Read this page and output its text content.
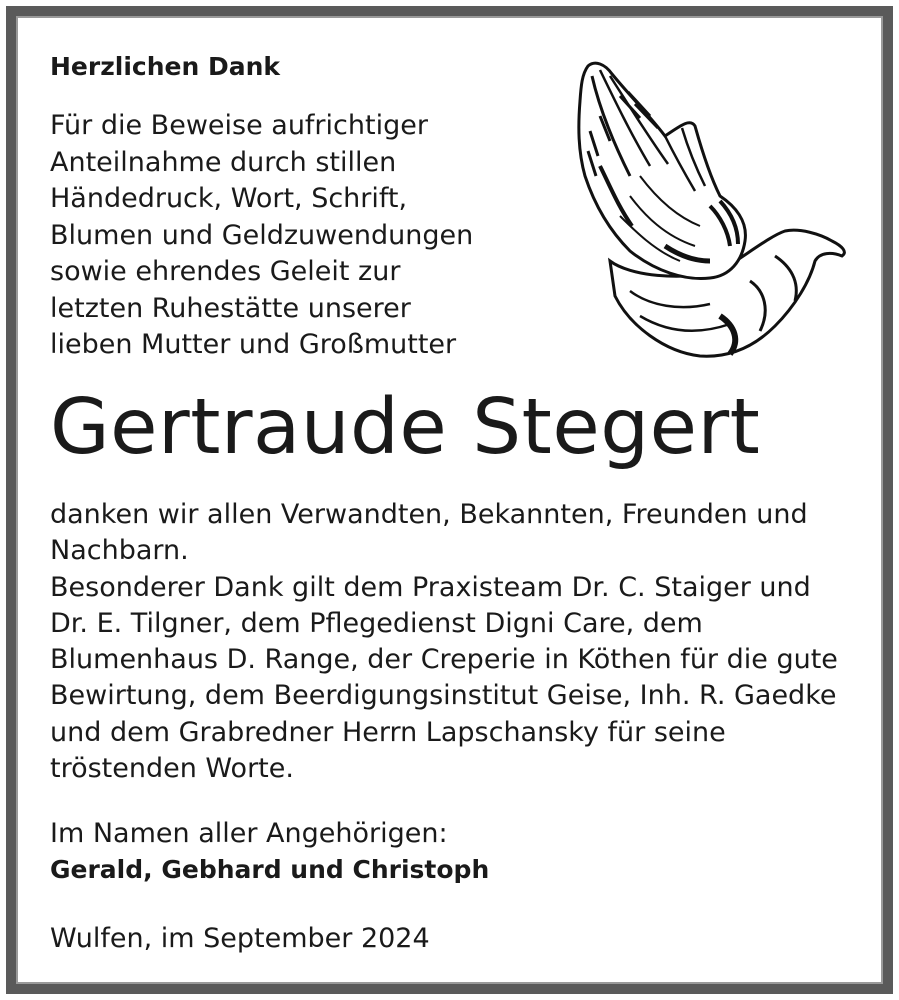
Herzlichen Dank
Für die Beweise aufrichtiger
Anteilnahme durch stillen
Händedruck, Wort, Schrift,
Blumen und Geldzuwendungen
sowie ehrendes Geleit zur
letzten Ruhestätte unserer
lieben Mutter und Großmutter
Gertraude Stegert
danken wir allen Verwandten, Bekannten, Freunden und
Nachbarn.
Besonderer Dank gilt dem Praxisteam Dr. C. Staiger und
Dr. E. Tilgner, dem Pflegedienst Digni Care, dem
Blumenhaus D. Range, der Creperie in Köthen für die gute
Bewirtung, dem Beerdigungsinstitut Geise, Inh. R. Gaedke
und dem Grabredner Herrn Lapschansky für seine
tröstenden Worte.
Im Namen aller Angehörigen:
Gerald, Gebhard und Christoph
Wulfen, im September 2024
